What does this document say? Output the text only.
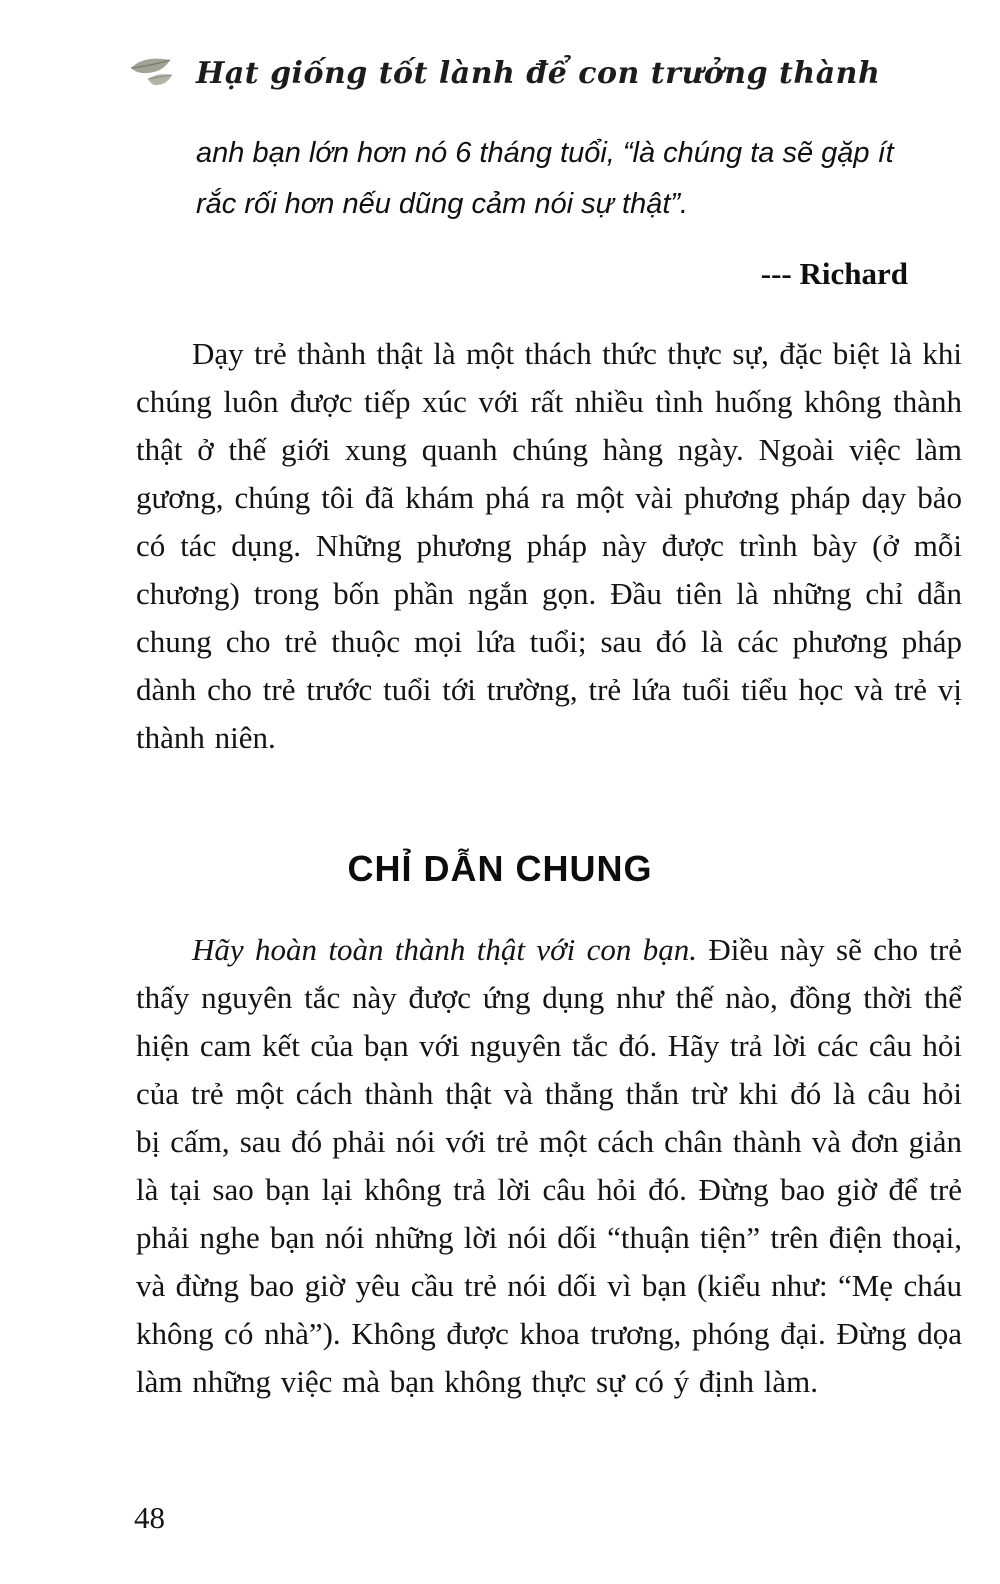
Hạt giống tốt lành để con trưởng thành
anh bạn lớn hơn nó 6 tháng tuổi, “là chúng ta sẽ gặp ít rắc rối hơn nếu dũng cảm nói sự thật”.
--- Richard

Dạy trẻ thành thật là một thách thức thực sự, đặc biệt là khi chúng luôn được tiếp xúc với rất nhiều tình huống không thành thật ở thế giới xung quanh chúng hàng ngày. Ngoài việc làm gương, chúng tôi đã khám phá ra một vài phương pháp dạy bảo có tác dụng. Những phương pháp này được trình bày (ở mỗi chương) trong bốn phần ngắn gọn. Đầu tiên là những chỉ dẫn chung cho trẻ thuộc mọi lứa tuổi; sau đó là các phương pháp dành cho trẻ trước tuổi tới trường, trẻ lứa tuổi tiểu học và trẻ vị thành niên.

CHỈ DẪN CHUNG

Hãy hoàn toàn thành thật với con bạn. Điều này sẽ cho trẻ thấy nguyên tắc này được ứng dụng như thế nào, đồng thời thể hiện cam kết của bạn với nguyên tắc đó. Hãy trả lời các câu hỏi của trẻ một cách thành thật và thẳng thắn trừ khi đó là câu hỏi bị cấm, sau đó phải nói với trẻ một cách chân thành và đơn giản là tại sao bạn lại không trả lời câu hỏi đó. Đừng bao giờ để trẻ phải nghe bạn nói những lời nói dối “thuận tiện” trên điện thoại, và đừng bao giờ yêu cầu trẻ nói dối vì bạn (kiểu như: “Mẹ cháu không có nhà”). Không được khoa trương, phóng đại. Đừng dọa làm những việc mà bạn không thực sự có ý định làm.

48
